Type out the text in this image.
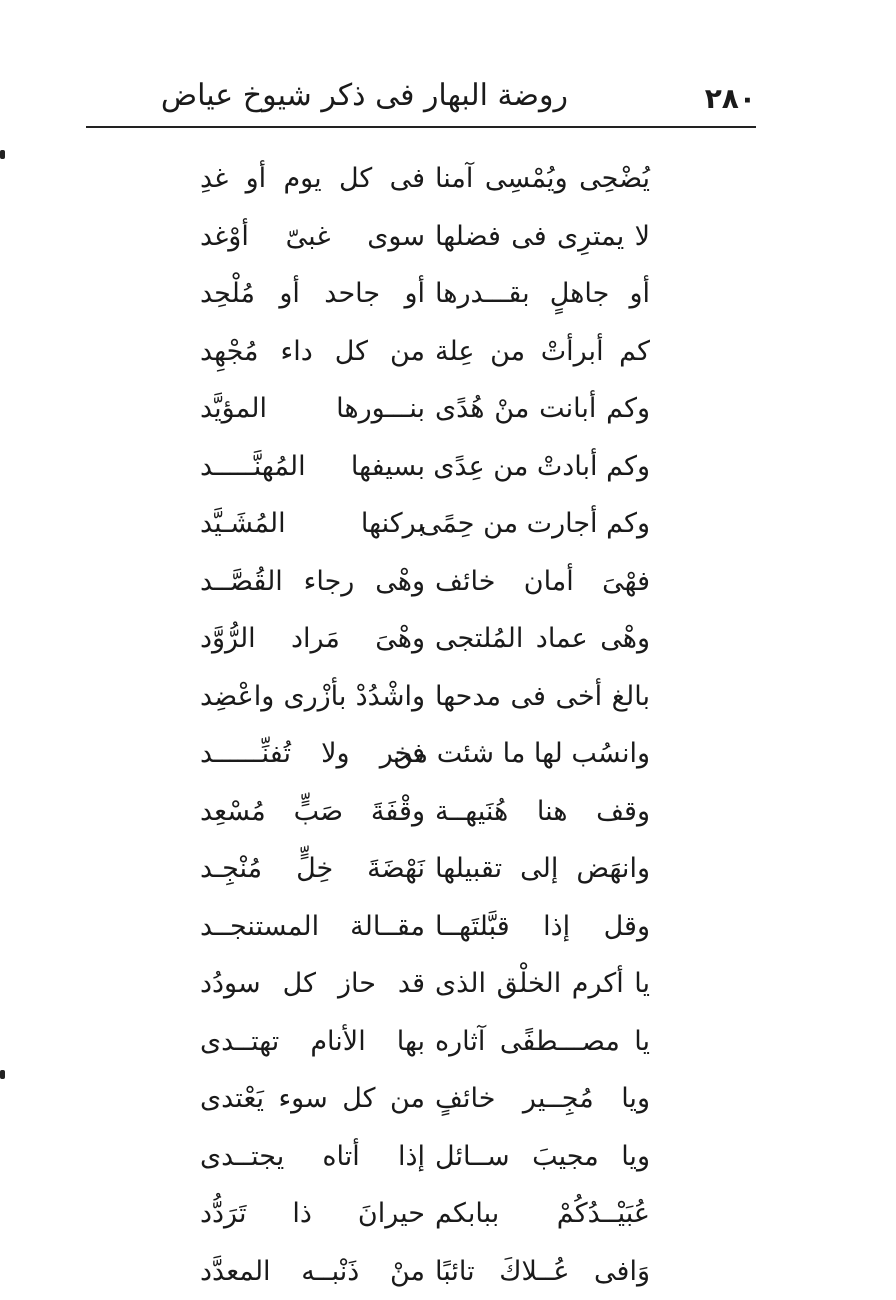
٢٨٠
روضة البهار فى ذكر شيوخ عياض
يُضْحِى ويُمْسِى آمنا
فى كل يوم أو غدِ
لا يمترِى فى فضلها
سوى غبىّ أوْغد
أو جاهلٍ بقـــدرها
أو جاحد أو مُلْحِد
كم أبرأتْ من عِلة
من كل داء مُجْهِد
وكم أبانت منْ هُدًى
بنـــورها المؤيَّد
وكم أبادتْ من عِدًى
بسيفها المُهنَّـــــد
وكم أجارت من حِمًى
بركنها المُشَـيَّد
فهْىَ أمان خائف
وهْى رجاء القُصَّــد
وهْى عماد المُلتجى
وهْىَ مَراد الرُّوَّد
بالغ أخى فى مدحها
واشْدُدْ بأزْرى واعْضِد
وانسُب لها ما شئت من
فخر ولا تُفنِّــــــد
وقف هنا هُنَيهــة
وقْفَةَ صَبٍّ مُسْعِد
وانهَض إلى تقبيلها
نَهْضَةَ خِلٍّ مُنْجِـد
وقل إذا قبَّلتَهــا
مقــالة المستنجــد
يا أكرم الخلْق الذى
قد حاز كل سودُد
يا مصـــطفًى آثاره
بها الأنام تهتــدى
ويا مُجِــير خائفٍ
من كل سوء يَعْتدى
ويا مجيبَ ســائل
إذا أتاه يجتــدى
عُبَيْــدُكُمْ ببابكم
حيرانَ ذا تَرَدُّد
وَافى عُــلاكَ تائبًا
منْ ذَنْبــه المعدَّد
